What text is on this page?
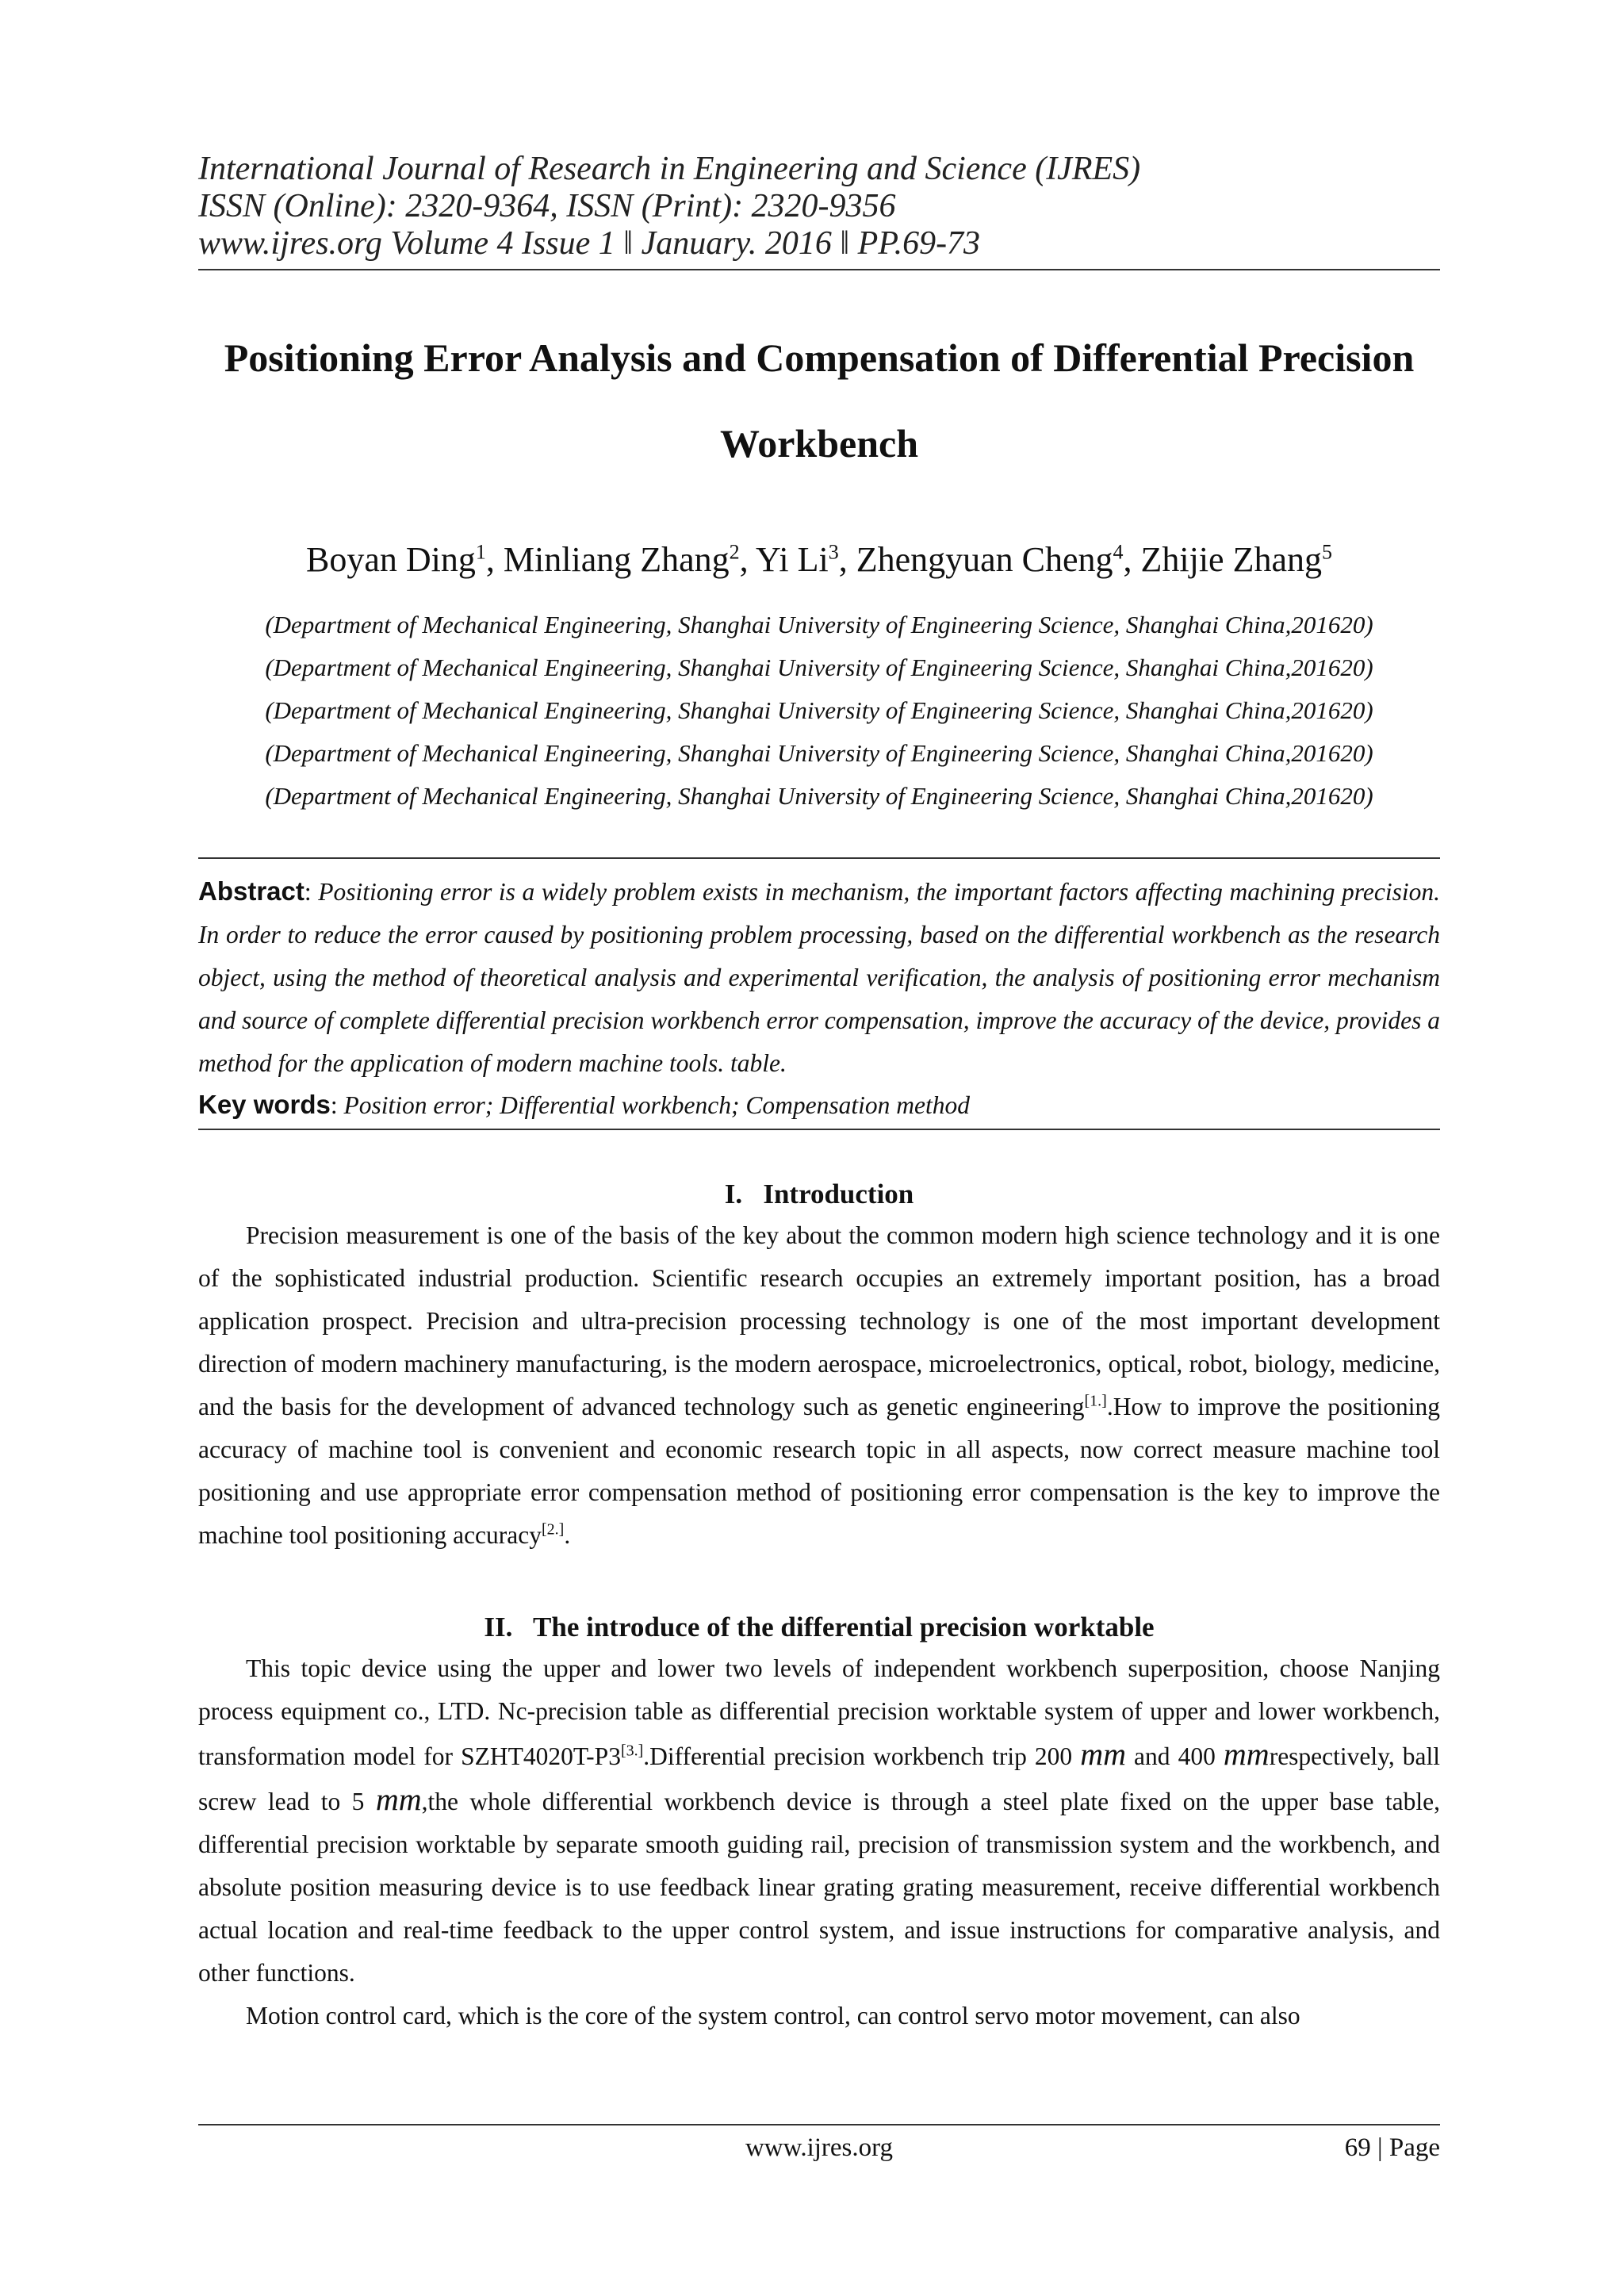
International Journal of Research in Engineering and Science (IJRES)
ISSN (Online): 2320-9364, ISSN (Print): 2320-9356
www.ijres.org Volume 4 Issue 1 ǁ January. 2016 ǁ PP.69-73
Positioning Error Analysis and Compensation of Differential Precision Workbench
Boyan Ding$^1$, Minliang Zhang$^2$, Yi Li$^3$, Zhengyuan Cheng$^4$, Zhijie Zhang$^5$
(Department of Mechanical Engineering, Shanghai University of Engineering Science, Shanghai China,201620)
(Department of Mechanical Engineering, Shanghai University of Engineering Science, Shanghai China,201620)
(Department of Mechanical Engineering, Shanghai University of Engineering Science, Shanghai China,201620)
(Department of Mechanical Engineering, Shanghai University of Engineering Science, Shanghai China,201620)
(Department of Mechanical Engineering, Shanghai University of Engineering Science, Shanghai China,201620)
Abstract: Positioning error is a widely problem exists in mechanism, the important factors affecting machining precision. In order to reduce the error caused by positioning problem processing, based on the differential workbench as the research object, using the method of theoretical analysis and experimental verification, the analysis of positioning error mechanism and source of complete differential precision workbench error compensation, improve the accuracy of the device, provides a method for the application of modern machine tools. table.
Key words: Position error; Differential workbench; Compensation method
I.   Introduction
Precision measurement is one of the basis of the key about the common modern high science technology and it is one of the sophisticated industrial production. Scientific research occupies an extremely important position, has a broad application prospect. Precision and ultra-precision processing technology is one of the most important development direction of modern machinery manufacturing, is the modern aerospace, microelectronics, optical, robot, biology, medicine, and the basis for the development of advanced technology such as genetic engineering[1.].How to improve the positioning accuracy of machine tool is convenient and economic research topic in all aspects, now correct measure machine tool positioning and use appropriate error compensation method of positioning error compensation is the key to improve the machine tool positioning accuracy[2.].
II.   The introduce of the differential precision worktable
This topic device using the upper and lower two levels of independent workbench superposition, choose Nanjing process equipment co., LTD. Nc-precision table as differential precision worktable system of upper and lower workbench, transformation model for SZHT4020T-P3[3.].Differential precision workbench trip 200 mm and 400 mmrespectively, ball screw lead to 5 mm,the whole differential workbench device is through a steel plate fixed on the upper base table, differential precision worktable by separate smooth guiding rail, precision of transmission system and the workbench, and absolute position measuring device is to use feedback linear grating grating measurement, receive differential workbench actual location and real-time feedback to the upper control system, and issue instructions for comparative analysis, and other functions.
Motion control card, which is the core of the system control, can control servo motor movement, can also
www.ijres.org	69 | Page
